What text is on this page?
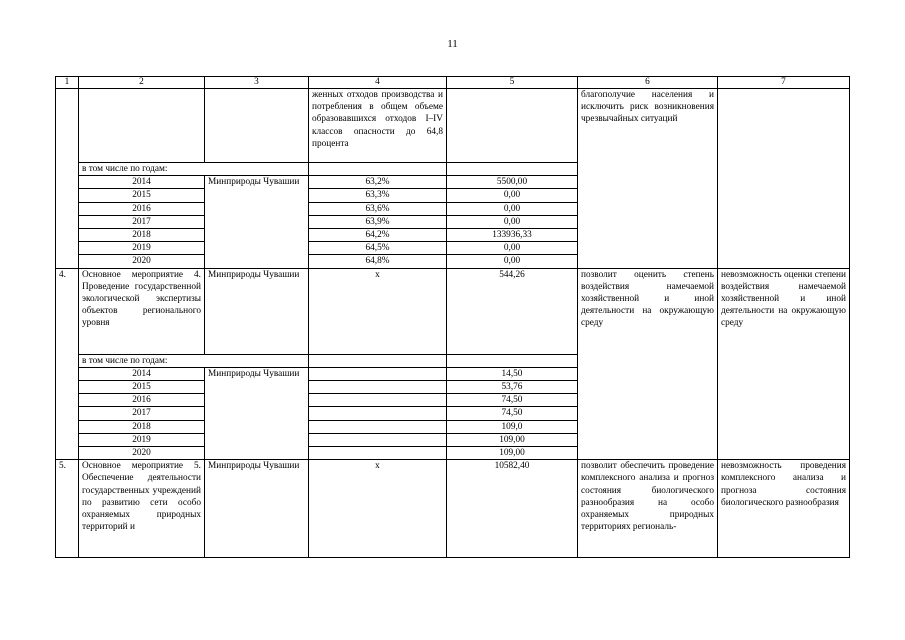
11
1	2	3	4	5	6	7
			женных отходов производства и потребления в общем объеме образовавшихся отходов I–IV классов опасности до 64,8 процента		благополучие населения и исключить риск возникновения чрезвычайных ситуаций	
	в том числе по годам:					
	2014	Минприроды Чувашии	63,2%	5500,00		
	2015		63,3%	0,00		
	2016		63,6%	0,00		
	2017		63,9%	0,00		
	2018		64,2%	133936,33		
	2019		64,5%	0,00		
	2020		64,8%	0,00		
4.	Основное мероприятие 4. Проведение государственной экологической экспертизы объектов регионального уровня	Минприроды Чувашии	х	544,26	позволит оценить степень воздействия намечаемой хозяйственной и иной деятельности на окружающую среду	невозможность оценки степени воздействия намечаемой хозяйственной и иной деятельности на окружающую среду
	в том числе по годам:					
	2014	Минприроды Чувашии		14,50		
	2015			53,76		
	2016			74,50		
	2017			74,50		
	2018			109,0		
	2019			109,00		
	2020			109,00		
5.	Основное мероприятие 5. Обеспечение деятельности государственных учреждений по развитию сети особо охраняемых природных территорий и	Минприроды Чувашии	х	10582,40	позволит обеспечить проведение комплексного анализа и прогноз состояния биологического разнообразия на особо охраняемых природных территориях региональ-	невозможность проведения комплексного анализа и прогноза состояния биологического разнообразия
